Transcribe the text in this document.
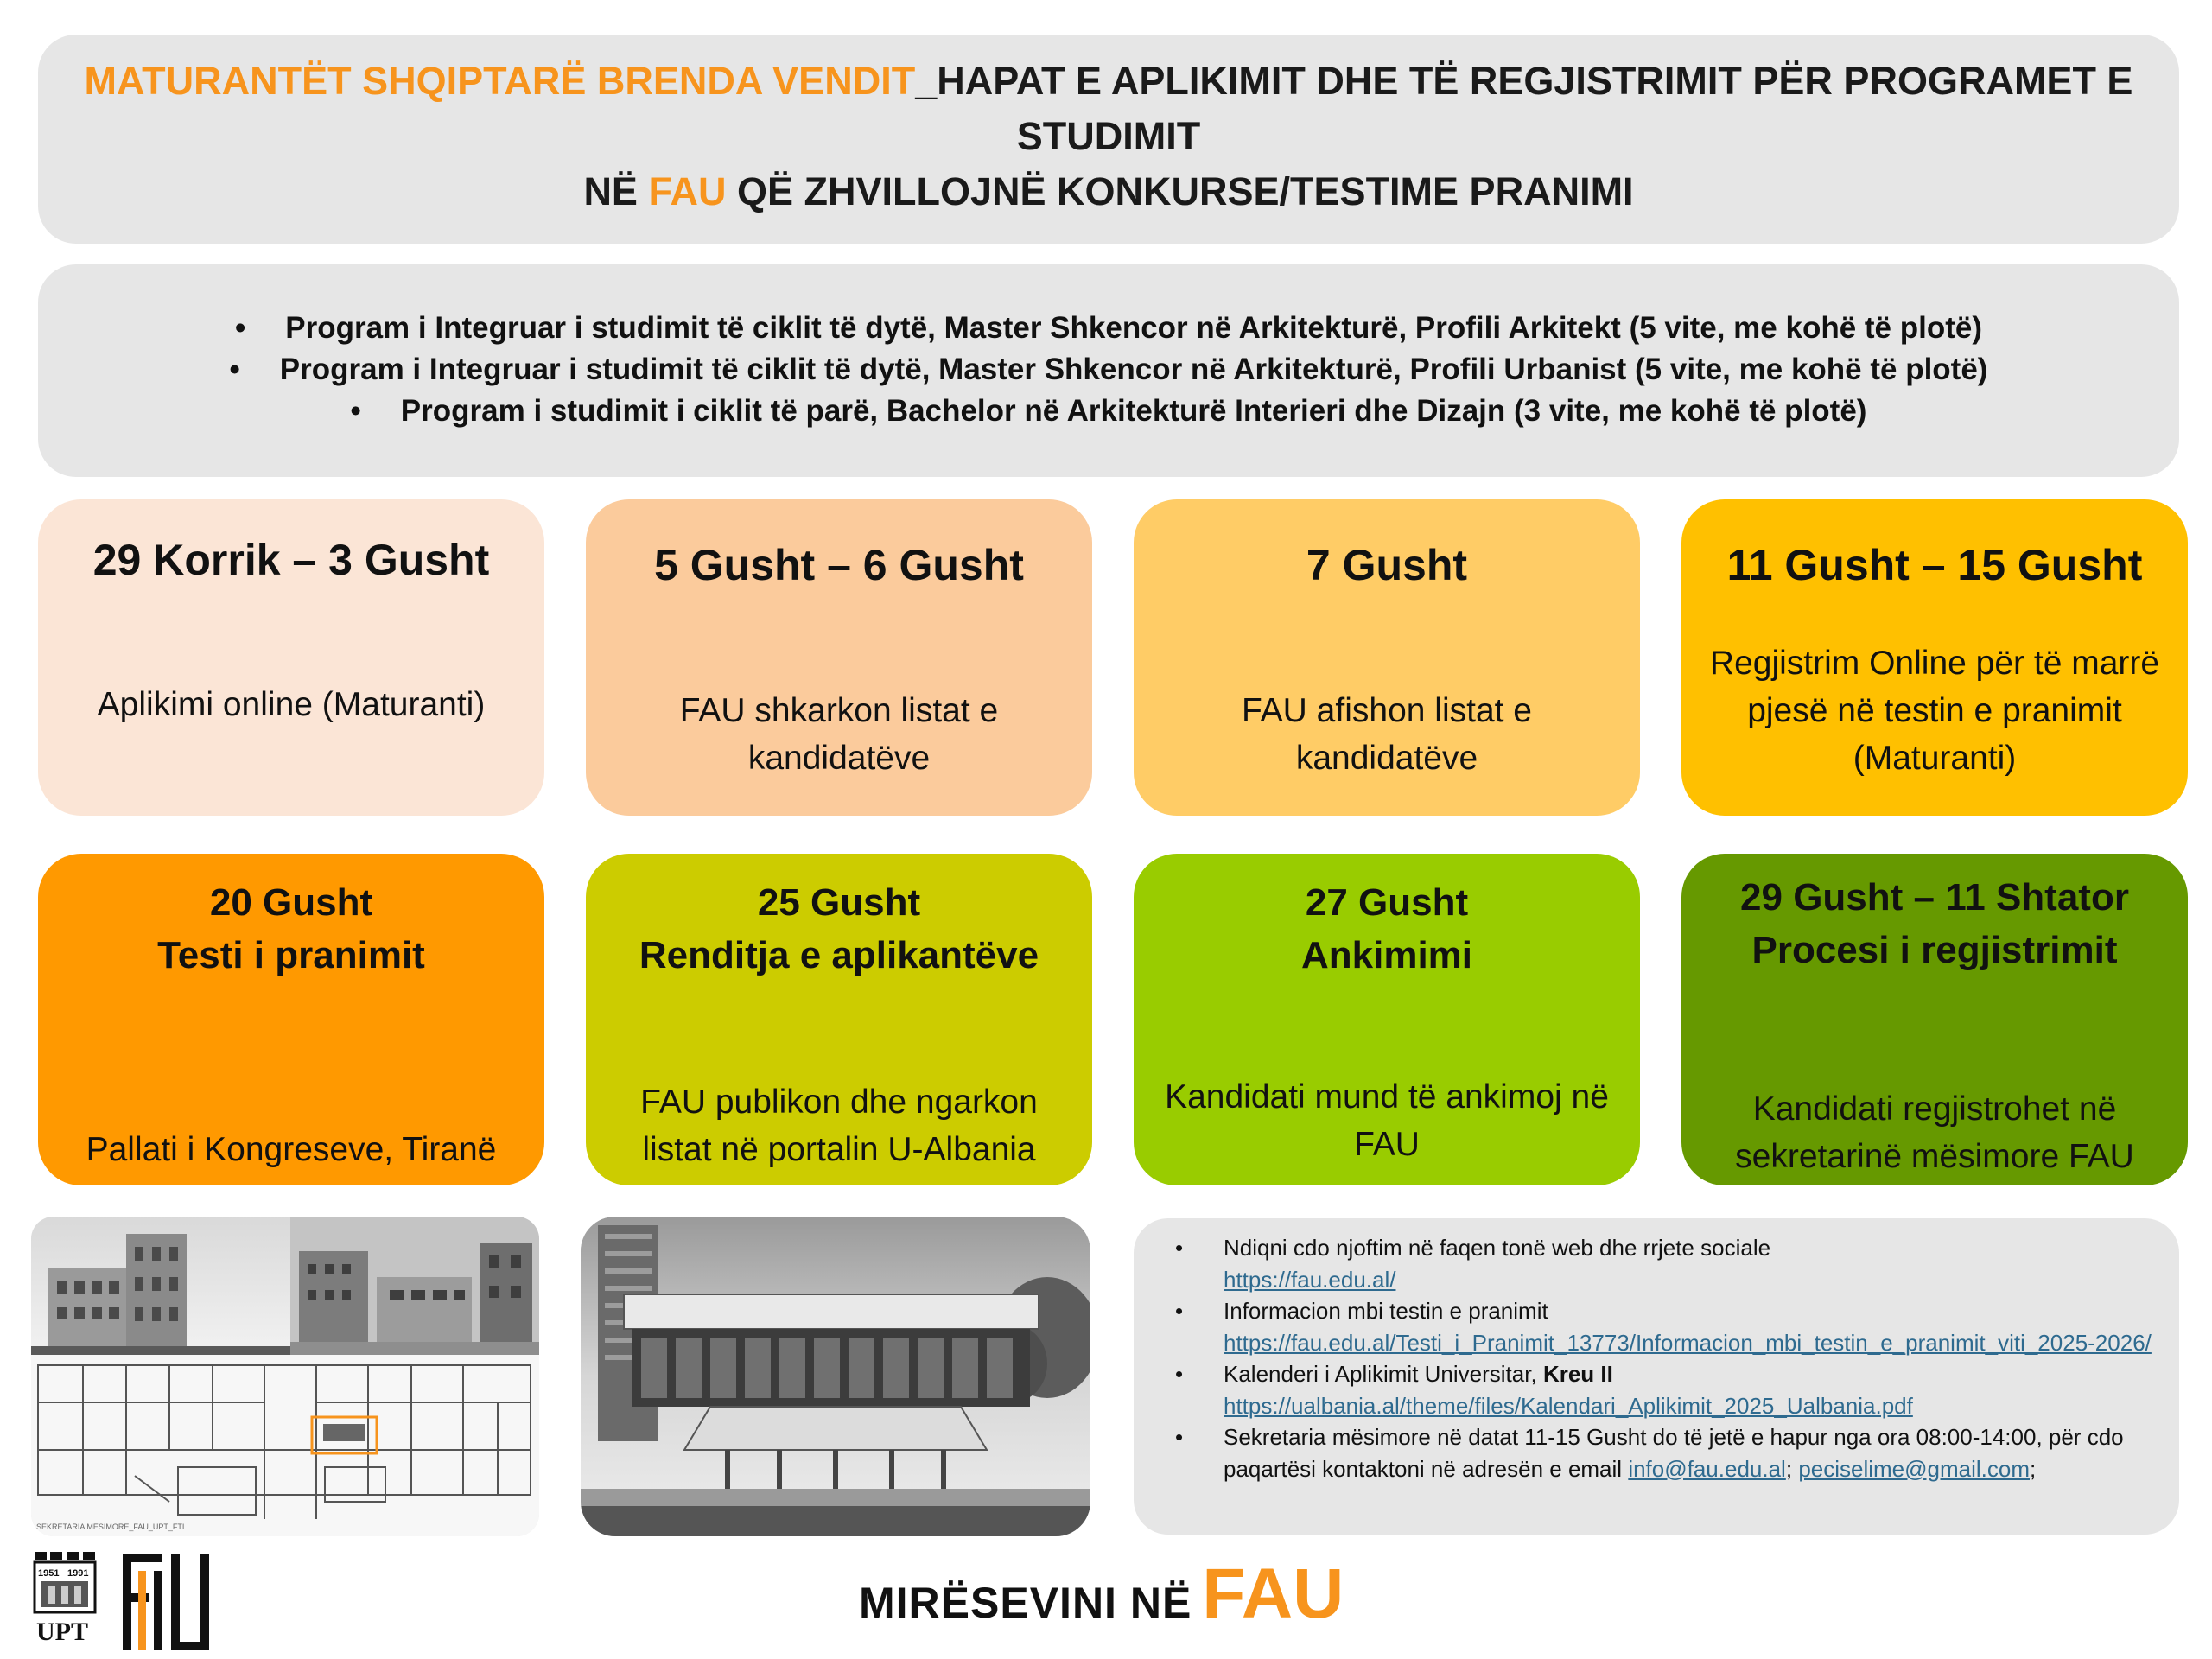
MATURANTËT SHQIPTARË BRENDA VENDIT_HAPAT E APLIKIMIT DHE TË REGJISTRIMIT PËR PROGRAMET E STUDIMIT
NË FAU QË ZHVILLOJNË KONKURSE/TESTIME PRANIMI
• Program i Integruar i studimit të ciklit të dytë, Master Shkencor në Arkitekturë, Profili Arkitekt (5 vite, me kohë të plotë)
• Program i Integruar i studimit të ciklit të dytë, Master Shkencor në Arkitekturë, Profili Urbanist (5 vite, me kohë të plotë)
• Program i studimit i ciklit të parë, Bachelor në Arkitekturë Interieri dhe Dizajn (3 vite, me kohë të plotë)
29 Korrik – 3 Gusht
Aplikimi online (Maturanti)
5 Gusht – 6 Gusht
FAU shkarkon listat e kandidatëve
7 Gusht
FAU afishon listat e kandidatëve
11 Gusht – 15 Gusht
Regjistrim Online për të marrë pjesë në testin e pranimit (Maturanti)
20 Gusht
Testi i pranimit
Pallati i Kongreseve, Tiranë
25 Gusht
Renditja e aplikantëve
FAU publikon dhe ngarkon listat në portalin U-Albania
27 Gusht
Ankimimi
Kandidati mund të ankimoj në FAU
29 Gusht – 11 Shtator
Procesi i regjistrimit
Kandidati regjistrohet në sekretarinë mësimore FAU
SEKRETARIA MESIMORE_FAU_UPT_FTI
• Ndiqni cdo njoftim në faqen tonë web dhe rrjete sociale
https://fau.edu.al/
• Informacion mbi testin e pranimit
https://fau.edu.al/Testi_i_Pranimit_13773/Informacion_mbi_testin_e_pranimit_viti_2025-2026/
• Kalenderi i Aplikimit Universitar, Kreu II
https://ualbania.al/theme/files/Kalendari_Aplikimit_2025_Ualbania.pdf
• Sekretaria mësimore në datat 11-15 Gusht do të jetë e hapur nga ora 08:00-14:00, për cdo paqartësi kontaktoni në adresën e email info@fau.edu.al; peciselime@gmail.com;
1951 1991
UPT
FAU
MIRËSEVINI NË FAU
